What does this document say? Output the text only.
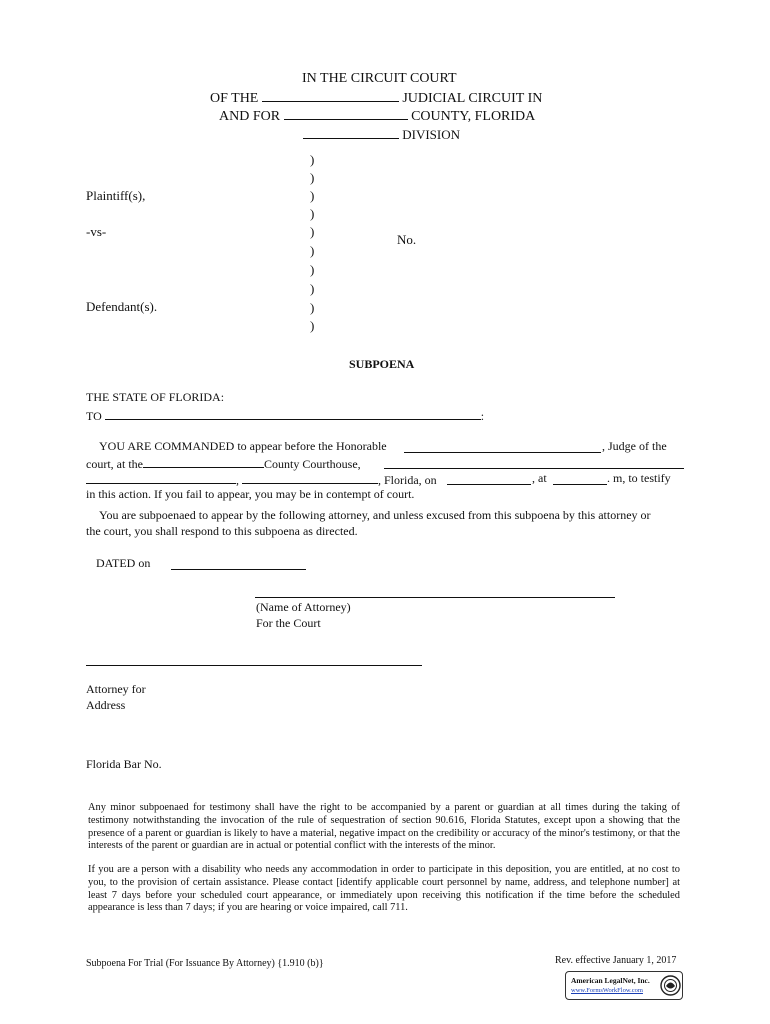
IN THE CIRCUIT COURT
OF THE	JUDICIAL CIRCUIT IN
AND FOR	COUNTY, FLORIDA
DIVISION
)
)
)
)
)
)
)
)
)
)
Plaintiff(s),
-vs-
Defendant(s).
No.
SUBPOENA
THE STATE OF FLORIDA:
TO	:
YOU ARE COMMANDED to appear before the Honorable	, Judge of the
court, at the	County Courthouse,
,	, Florida, on	, at	. m, to testify
in this action. If you fail to appear, you may be in contempt of court.
You are subpoenaed to appear by the following attorney, and unless excused from this subpoena by this attorney or
the court, you shall respond to this subpoena as directed.
DATED on
(Name of Attorney)
For the Court
Attorney for
Address
Florida Bar No.
Any minor subpoenaed for testimony shall have the right to be accompanied by a parent or guardian at all times during the taking of testimony notwithstanding the invocation of the rule of sequestration of section 90.616, Florida Statutes, except upon a showing that the presence of a parent or guardian is likely to have a material, negative impact on the credibility or accuracy of the minor's testimony, or that the interests of the parent or guardian are in actual or potential conflict with the interests of the minor.
If you are a person with a disability who needs any accommodation in order to participate in this deposition, you are entitled, at no cost to you, to the provision of certain assistance. Please contact [identify applicable court personnel by name, address, and telephone number] at least 7 days before your scheduled court appearance, or immediately upon receiving this notification if the time before the scheduled appearance is less than 7 days; if you are hearing or voice impaired, call 711.
Subpoena For Trial (For Issuance By Attorney) {1.910 (b)}	Rev. effective January 1, 2017
American LegalNet, Inc.
www.FormsWorkFlow.com
